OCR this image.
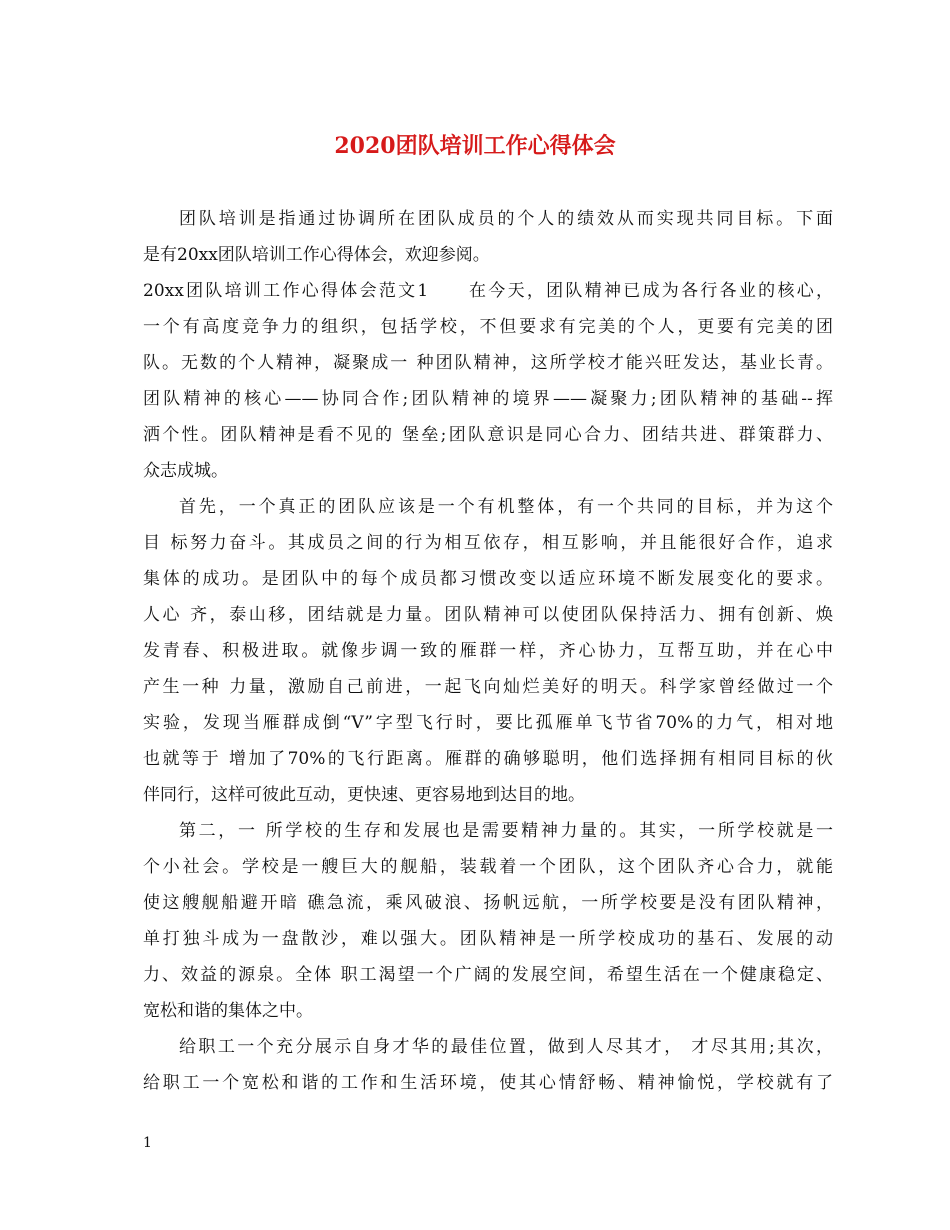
2020团队培训工作心得体会
团队培训是指通过协调所在团队成员的个人的绩效从而实现共同目标。下面
是有20xx团队培训工作心得体会，欢迎参阅。
20xx团队培训工作心得体会范文1　　在今天，团队精神已成为各行各业的核心，
一个有高度竞争力的组织，包括学校，不但要求有完美的个人，更要有完美的团
队。无数的个人精神，凝聚成一 种团队精神，这所学校才能兴旺发达，基业长青。
团队精神的核心——协同合作;团队精神的境界——凝聚力;团队精神的基础--挥
洒个性。团队精神是看不见的 堡垒;团队意识是同心合力、团结共进、群策群力、
众志成城。
首先，一个真正的团队应该是一个有机整体，有一个共同的目标，并为这个
目 标努力奋斗。其成员之间的行为相互依存，相互影响，并且能很好合作，追求
集体的成功。是团队中的每个成员都习惯改变以适应环境不断发展变化的要求。
人心 齐，泰山移，团结就是力量。团队精神可以使团队保持活力、拥有创新、焕
发青春、积极进取。就像步调一致的雁群一样，齐心协力，互帮互助，并在心中
产生一种 力量，激励自己前进，一起飞向灿烂美好的明天。科学家曾经做过一个
实验，发现当雁群成倒“V”字型飞行时，要比孤雁单飞节省70%的力气，相对地
也就等于 增加了70%的飞行距离。雁群的确够聪明，他们选择拥有相同目标的伙
伴同行，这样可彼此互动，更快速、更容易地到达目的地。
第二，一 所学校的生存和发展也是需要精神力量的。其实，一所学校就是一
个小社会。学校是一艘巨大的舰船，装载着一个团队，这个团队齐心合力，就能
使这艘舰船避开暗 礁急流，乘风破浪、扬帆远航，一所学校要是没有团队精神，
单打独斗成为一盘散沙，难以强大。团队精神是一所学校成功的基石、发展的动
力、效益的源泉。全体 职工渴望一个广阔的发展空间，希望生活在一个健康稳定、
宽松和谐的集体之中。
给职工一个充分展示自身才华的最佳位置，做到人尽其才， 才尽其用;其次，
给职工一个宽松和谐的工作和生活环境，使其心情舒畅、精神愉悦，学校就有了
1
